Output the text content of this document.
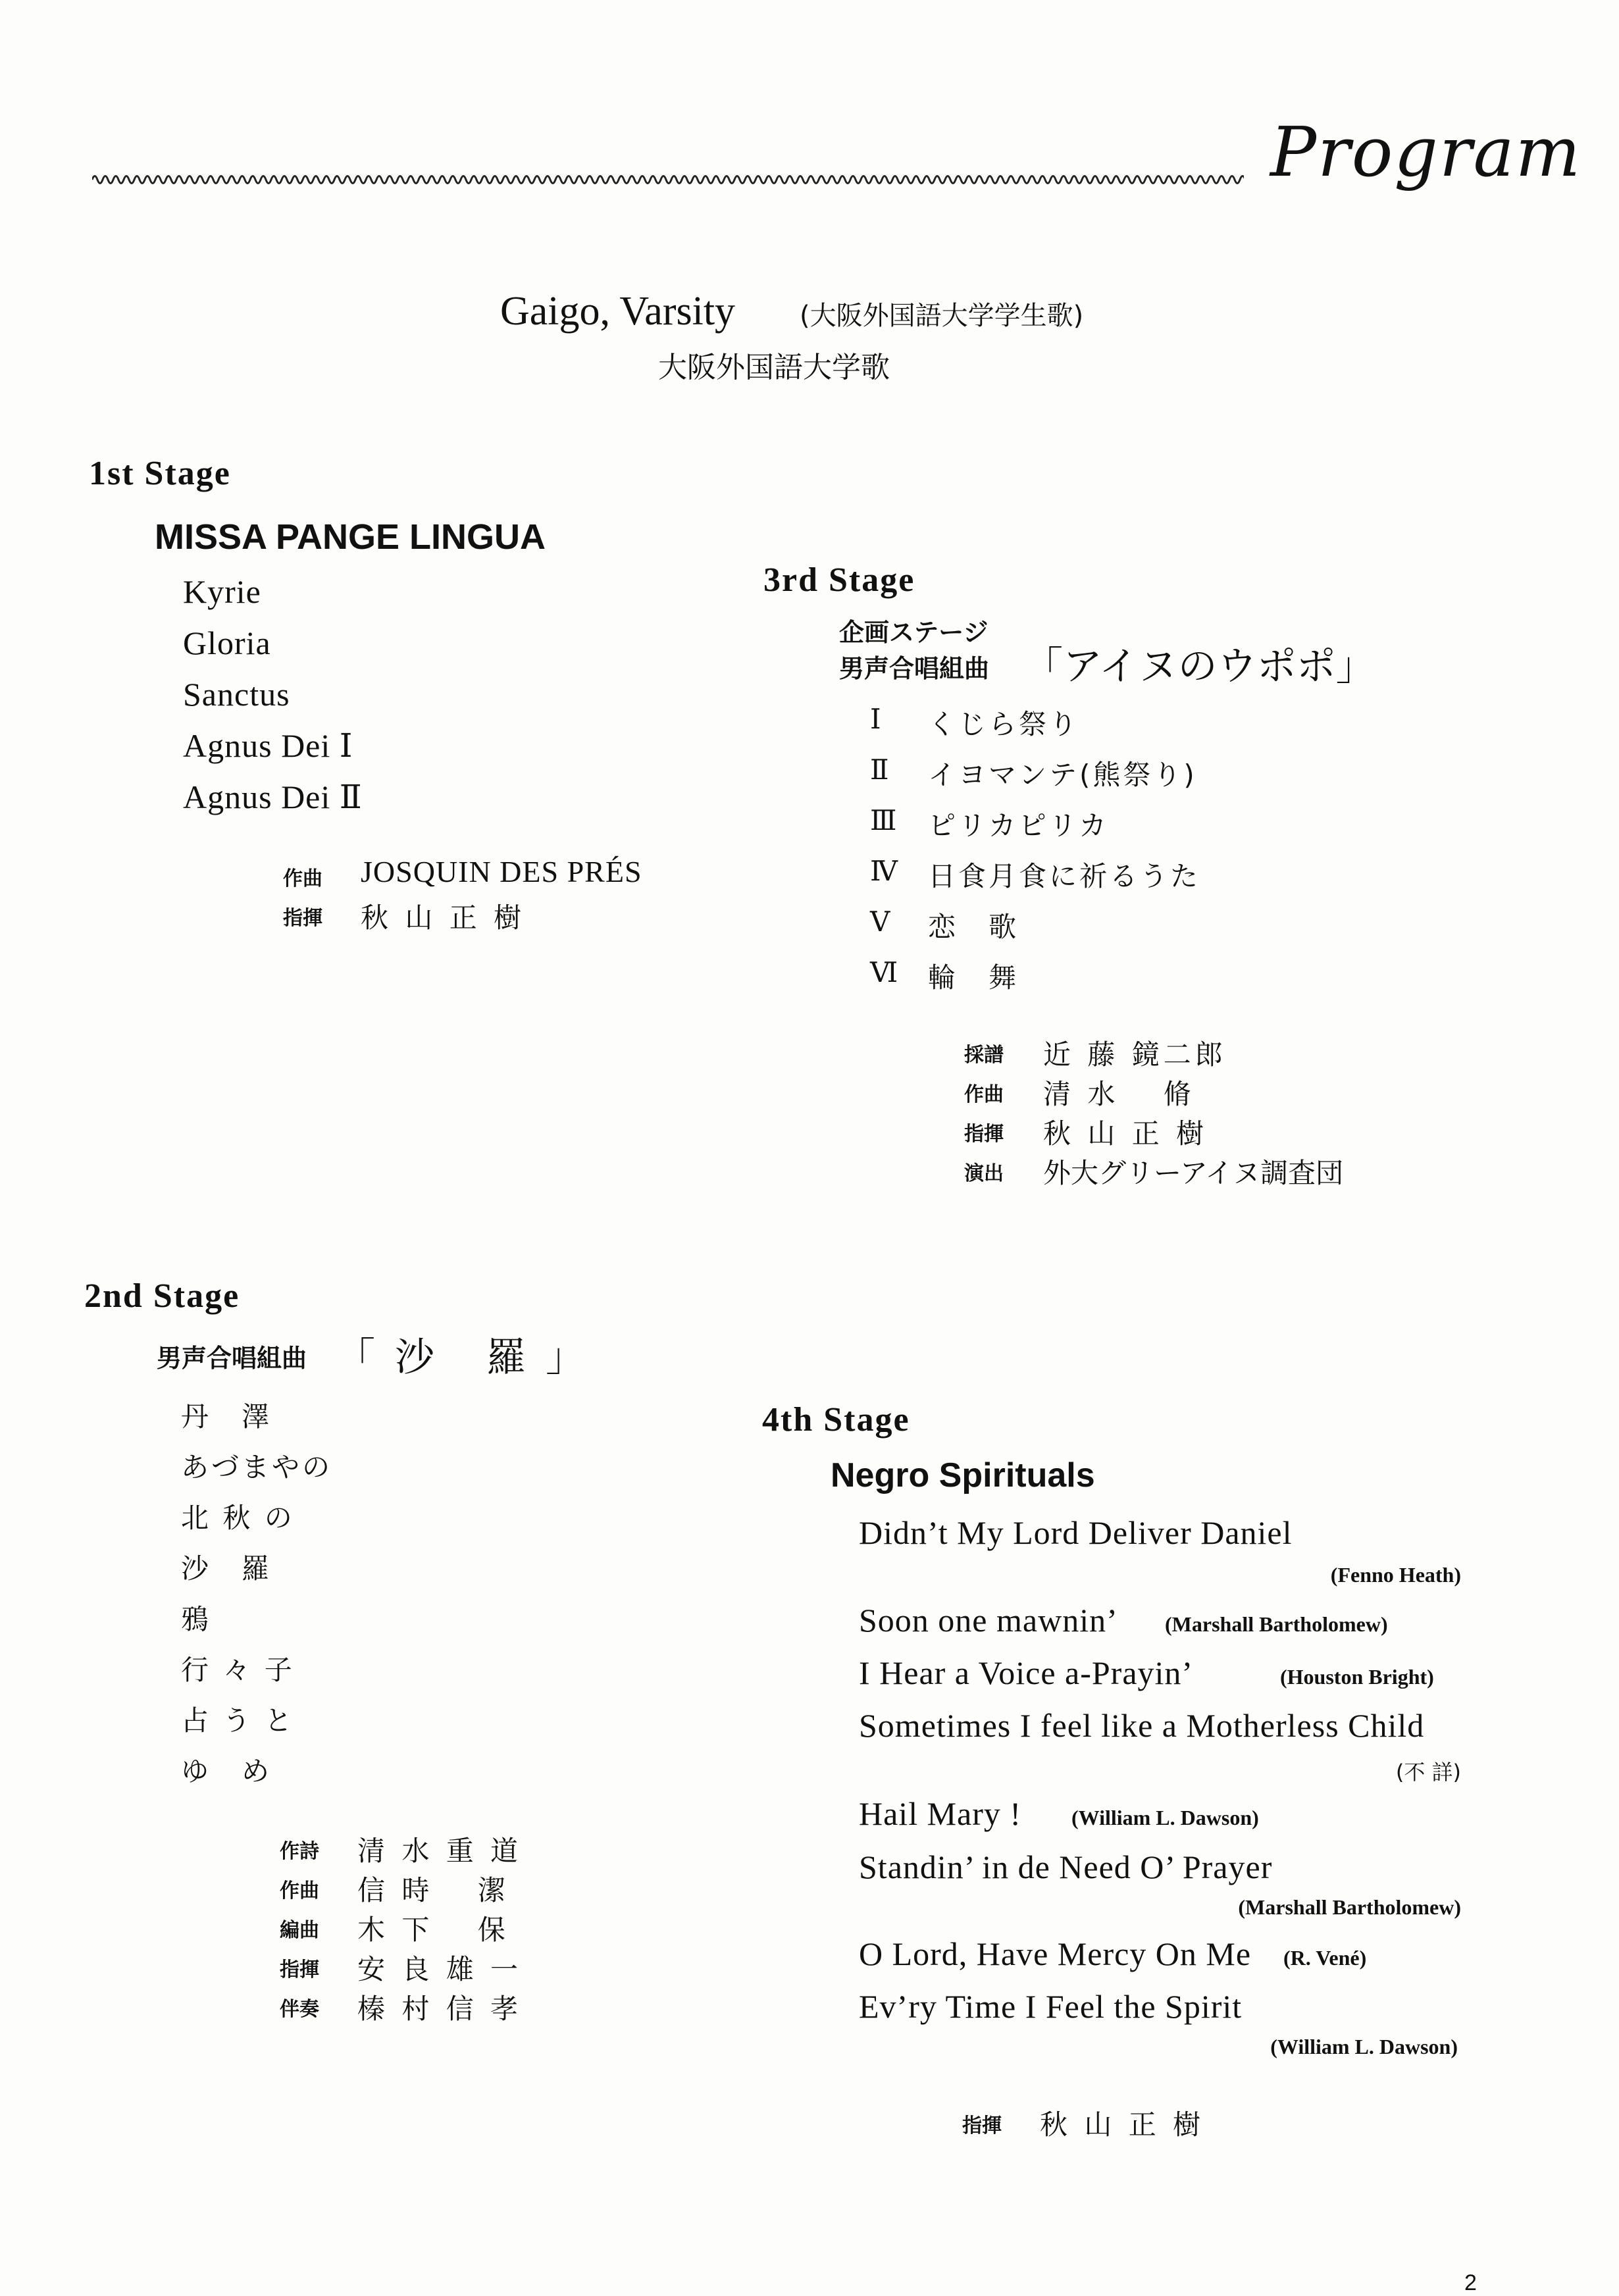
Program
Gaigo, Varsity (大阪外国語大学学生歌)
大阪外国語大学歌
1st Stage
MISSA PANGE LINGUA
Kyrie
Gloria
Sanctus
Agnus Dei Ⅰ
Agnus Dei Ⅱ
作曲 JOSQUIN DES PRÉS
指揮 秋 山 正 樹
3rd Stage
企画ステージ
男声合唱組曲 「アイヌのウポポ」
Ⅰ くじら祭り
Ⅱ イヨマンテ(熊祭り)
Ⅲ ピリカピリカ
Ⅳ 日食月食に祈るうた
Ⅴ 恋　歌
Ⅵ 輪　舞
採譜 近 藤 鏡二郎
作曲 清 水　 脩
指揮 秋 山 正 樹
演出 外大グリーアイヌ調査団
2nd Stage
男声合唱組曲 「沙 羅」
丹　澤
あづまやの
北 秋 の
沙　羅
鴉
行 々 子
占 う と
ゆ　め
作詩 清 水 重 道
作曲 信 時　 潔
編曲 木 下　 保
指揮 安 良 雄 一
伴奏 榛 村 信 孝
4th Stage
Negro Spirituals
Didn’t My Lord Deliver Daniel
(Fenno Heath)
Soon one mawnin’ (Marshall Bartholomew)
I Hear a Voice a-Prayin’	(Houston Bright)
Sometimes I feel like a Motherless Child
(不 詳)
Hail Mary ! (William L. Dawson)
Standin’ in de Need O’ Prayer
(Marshall Bartholomew)
O Lord, Have Mercy On Me (R. Vené)
Ev’ry Time I Feel the Spirit
(William L. Dawson)
指揮 秋 山 正 樹
2
